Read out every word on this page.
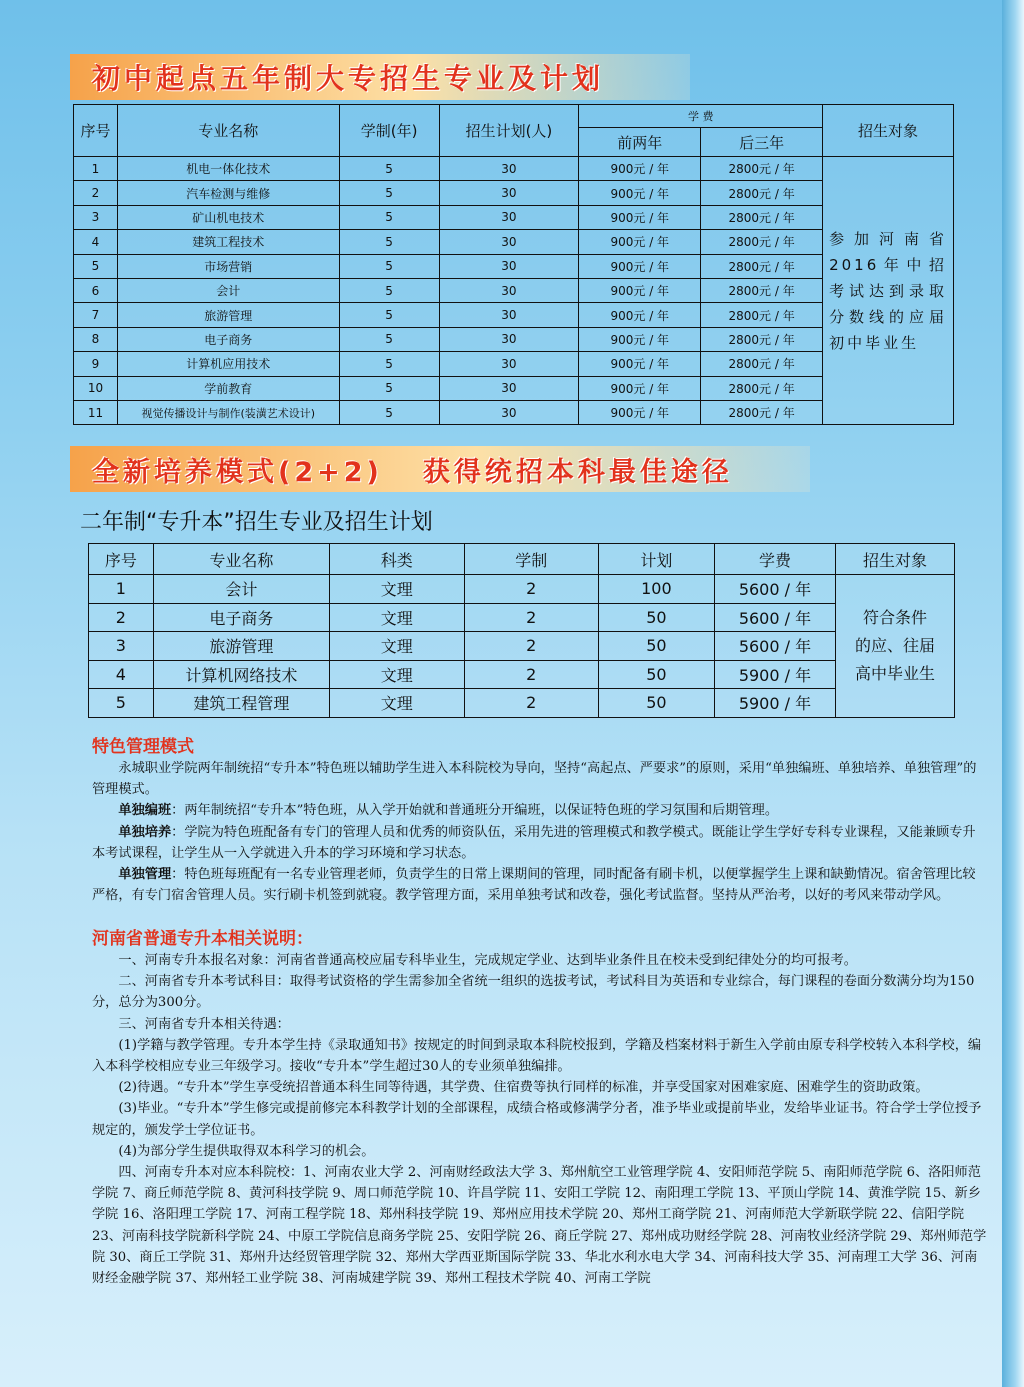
初中起点五年制大专招生专业及计划
序号	专业名称	学制(年)	招生计划(人)	学 费		招生对象
				前两年	后三年	
1	机电一体化技术	5	30	900元 / 年	2800元 / 年	参加河南省2016年中招考试达到录取分数线的应届初中毕业生
2	汽车检测与维修	5	30	900元 / 年	2800元 / 年	
3	矿山机电技术	5	30	900元 / 年	2800元 / 年	
4	建筑工程技术	5	30	900元 / 年	2800元 / 年	
5	市场营销	5	30	900元 / 年	2800元 / 年	
6	会计	5	30	900元 / 年	2800元 / 年	
7	旅游管理	5	30	900元 / 年	2800元 / 年	
8	电子商务	5	30	900元 / 年	2800元 / 年	
9	计算机应用技术	5	30	900元 / 年	2800元 / 年	
10	学前教育	5	30	900元 / 年	2800元 / 年	
11	视觉传播设计与制作(装潢艺术设计)	5	30	900元 / 年	2800元 / 年	
全新培养模式(2+2) 获得统招本科最佳途径
二年制“专升本”招生专业及招生计划
序号	专业名称	科类	学制	计划	学费	招生对象
1	会计	文理	2	100	5600 / 年	符合条件
的应、往届
高中毕业生

2	电子商务	文理	2	50	5600 / 年	
3	旅游管理	文理	2	50	5600 / 年	
4	计算机网络技术	文理	2	50	5900 / 年	
5	建筑工程管理	文理	2	50	5900 / 年	
特色管理模式
永城职业学院两年制统招“专升本”特色班以辅助学生进入本科院校为导向，坚持“高起点、严要求”的原则，采用“单独编班、单独培养、单独管理”的管理模式。
单独编班：两年制统招“专升本”特色班，从入学开始就和普通班分开编班，以保证特色班的学习氛围和后期管理。
单独培养：学院为特色班配备有专门的管理人员和优秀的师资队伍，采用先进的管理模式和教学模式。既能让学生学好专科专业课程，又能兼顾专升本考试课程，让学生从一入学就进入升本的学习环境和学习状态。
单独管理：特色班每班配有一名专业管理老师，负责学生的日常上课期间的管理，同时配备有刷卡机，以便掌握学生上课和缺勤情况。宿舍管理比较严格，有专门宿舍管理人员。实行刷卡机签到就寝。教学管理方面，采用单独考试和改卷，强化考试监督。坚持从严治考，以好的考风来带动学风。
河南省普通专升本相关说明：
一、河南专升本报名对象：河南省普通高校应届专科毕业生，完成规定学业、达到毕业条件且在校未受到纪律处分的均可报考。
二、河南省专升本考试科目：取得考试资格的学生需参加全省统一组织的选拔考试，考试科目为英语和专业综合，每门课程的卷面分数满分均为150分，总分为300分。
三、河南省专升本相关待遇：
(1)学籍与教学管理。专升本学生持《录取通知书》按规定的时间到录取本科院校报到，学籍及档案材料于新生入学前由原专科学校转入本科学校，编入本科学校相应专业三年级学习。接收“专升本”学生超过30人的专业须单独编排。
(2)待遇。“专升本”学生享受统招普通本科生同等待遇，其学费、住宿费等执行同样的标准，并享受国家对困难家庭、困难学生的资助政策。
(3)毕业。“专升本”学生修完或提前修完本科教学计划的全部课程，成绩合格或修满学分者，准予毕业或提前毕业，发给毕业证书。符合学士学位授予规定的，颁发学士学位证书。
(4)为部分学生提供取得双本科学习的机会。
四、河南专升本对应本科院校：1、河南农业大学 2、河南财经政法大学 3、郑州航空工业管理学院 4、安阳师范学院 5、南阳师范学院 6、洛阳师范学院 7、商丘师范学院 8、黄河科技学院 9、周口师范学院 10、许昌学院 11、安阳工学院 12、南阳理工学院 13、平顶山学院 14、黄淮学院 15、新乡学院 16、洛阳理工学院 17、河南工程学院 18、郑州科技学院 19、郑州应用技术学院 20、郑州工商学院 21、河南师范大学新联学院 22、信阳学院 23、河南科技学院新科学院 24、中原工学院信息商务学院 25、安阳学院 26、商丘学院 27、郑州成功财经学院 28、河南牧业经济学院 29、郑州师范学院 30、商丘工学院 31、郑州升达经贸管理学院 32、郑州大学西亚斯国际学院 33、华北水利水电大学 34、河南科技大学 35、河南理工大学 36、河南财经金融学院 37、郑州轻工业学院 38、河南城建学院 39、郑州工程技术学院 40、河南工学院
